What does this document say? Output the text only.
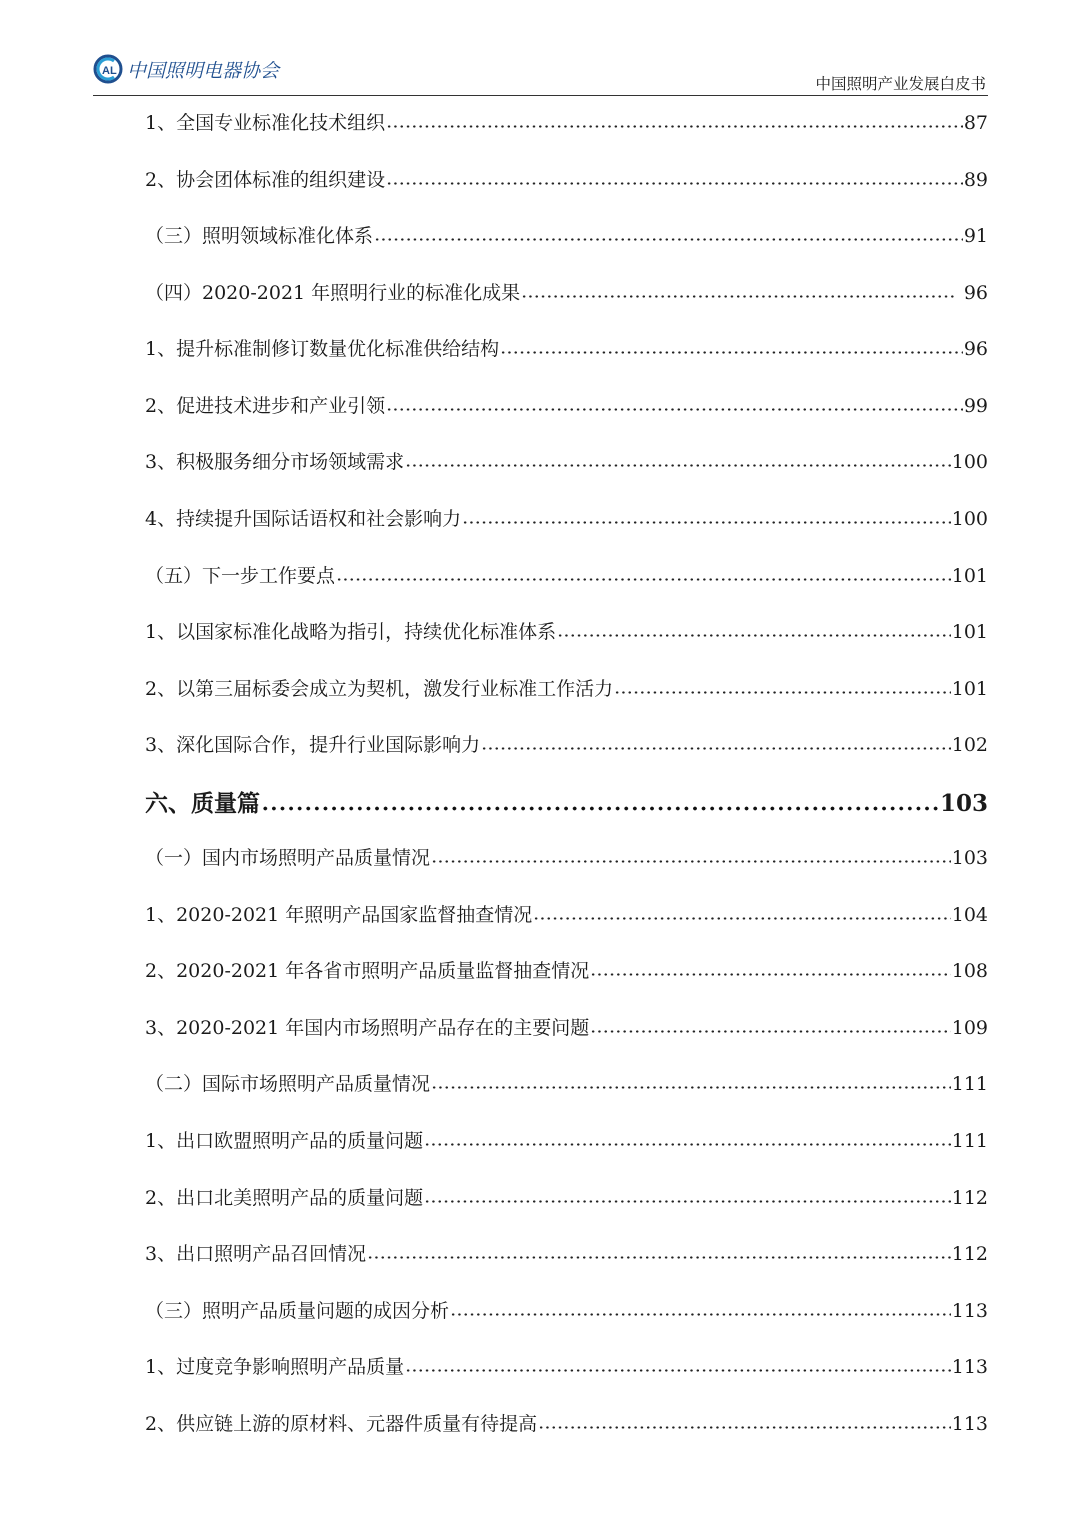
AL 中国照明电器协会
中国照明产业发展白皮书
1、全国专业标准化技术组织	87
2、协会团体标准的组织建设	89
（三）照明领域标准化体系	91
（四）2020-2021 年照明行业的标准化成果	96
1、提升标准制修订数量优化标准供给结构	96
2、促进技术进步和产业引领	99
3、积极服务细分市场领域需求	100
4、持续提升国际话语权和社会影响力	100
（五）下一步工作要点	101
1、以国家标准化战略为指引，持续优化标准体系	101
2、以第三届标委会成立为契机，激发行业标准工作活力	101
3、深化国际合作，提升行业国际影响力	102
六、质量篇	103
（一）国内市场照明产品质量情况	103
1、2020-2021 年照明产品国家监督抽查情况	104
2、2020-2021 年各省市照明产品质量监督抽查情况	108
3、2020-2021 年国内市场照明产品存在的主要问题	109
（二）国际市场照明产品质量情况	111
1、出口欧盟照明产品的质量问题	111
2、出口北美照明产品的质量问题	112
3、出口照明产品召回情况	112
（三）照明产品质量问题的成因分析	113
1、过度竞争影响照明产品质量	113
2、供应链上游的原材料、元器件质量有待提高	113
